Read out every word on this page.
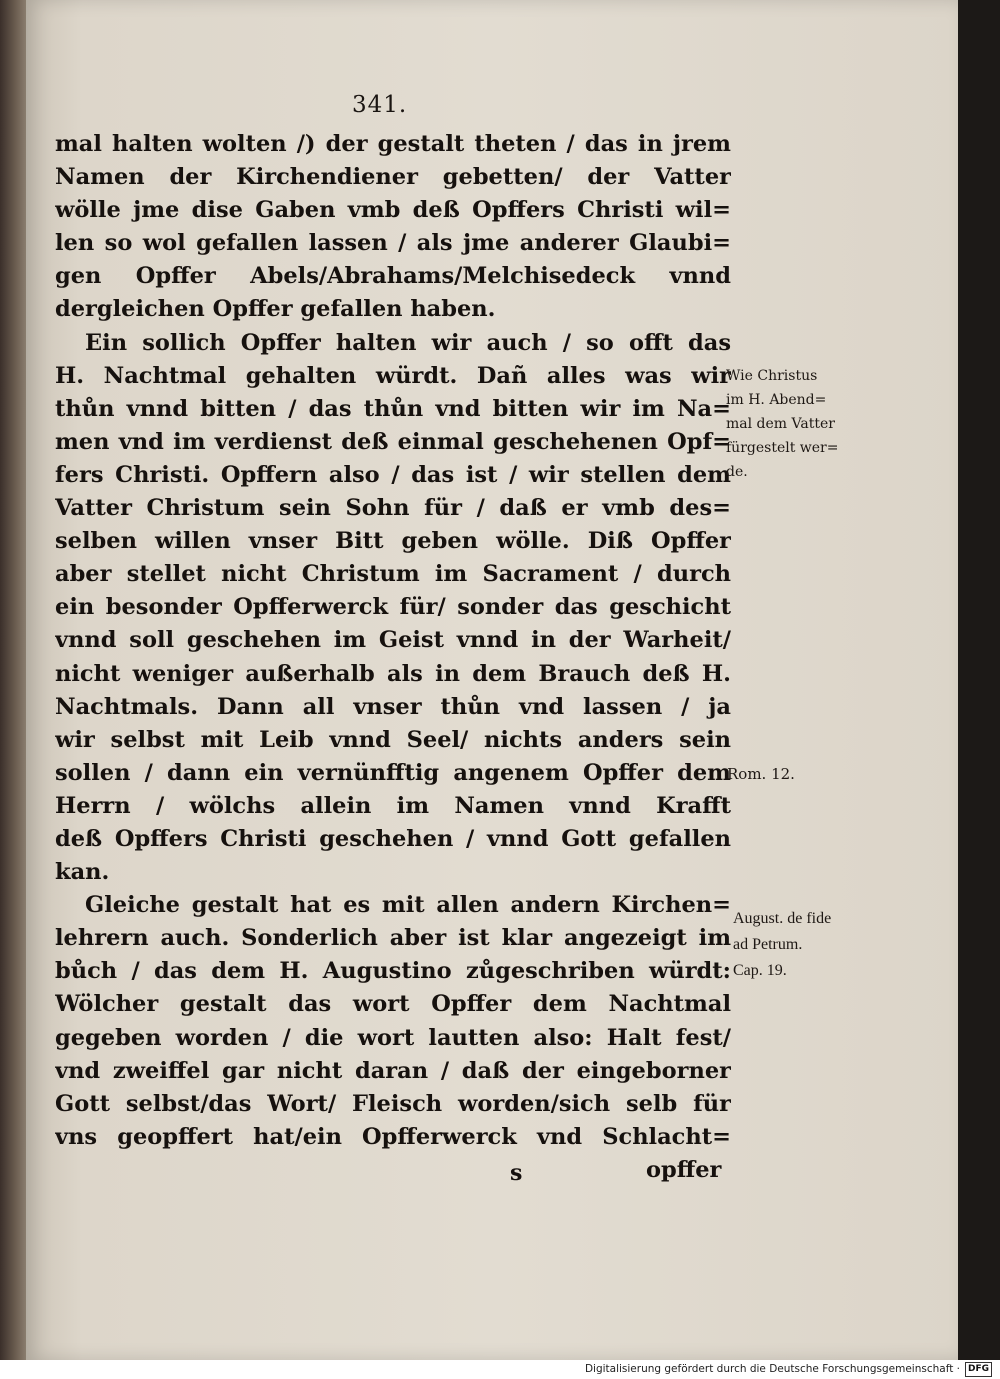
341.
mal halten wolten /) der gestalt theten / das in jrem
Namen der Kirchendiener gebetten/ der Vatter
wölle jme dise Gaben vmb deß Opffers Christi wil=
len so wol gefallen lassen / als jme anderer Glaubi=
gen Opffer Abels/Abrahams/Melchisedeck vnnd
dergleichen Opffer gefallen haben.
Ein sollich Opffer halten wir auch / so offt das
H. Nachtmal gehalten würdt. Dañ alles was wir
thůn vnnd bitten / das thůn vnd bitten wir im Na=
men vnd im verdienst deß einmal geschehenen Opf=
fers Christi. Opffern also / das ist / wir stellen dem
Vatter Christum sein Sohn für / daß er vmb des=
selben willen vnser Bitt geben wölle. Diß Opffer
aber stellet nicht Christum im Sacrament / durch
ein besonder Opfferwerck für/ sonder das geschicht
vnnd soll geschehen im Geist vnnd in der Warheit/
nicht weniger außerhalb als in dem Brauch deß H.
Nachtmals. Dann all vnser thůn vnd lassen / ja
wir selbst mit Leib vnnd Seel/ nichts anders sein
sollen / dann ein vernünfftig angenem Opffer dem
Herrn / wölchs allein im Namen vnnd Krafft
deß Opffers Christi geschehen / vnnd Gott gefallen
kan.
Gleiche gestalt hat es mit allen andern Kirchen=
lehrern auch. Sonderlich aber ist klar angezeigt im
bůch / das dem H. Augustino zůgeschriben würdt:
Wölcher gestalt das wort Opffer dem Nachtmal
gegeben worden / die wort lautten also: Halt fest/
vnd zweiffel gar nicht daran / daß der eingeborner
Gott selbst/das Wort/ Fleisch worden/sich selb für
vns geopffert hat/ein Opfferwerck vnd Schlacht=
Wie Christus
im H. Abend=
mal dem Vatter
fürgestelt wer=
de.
Rom. 12.
August. de fide
ad Petrum.
Cap. 19.
s	opffer
Digitalisierung gefördert durch die Deutsche Forschungsgemeinschaft · DFG
